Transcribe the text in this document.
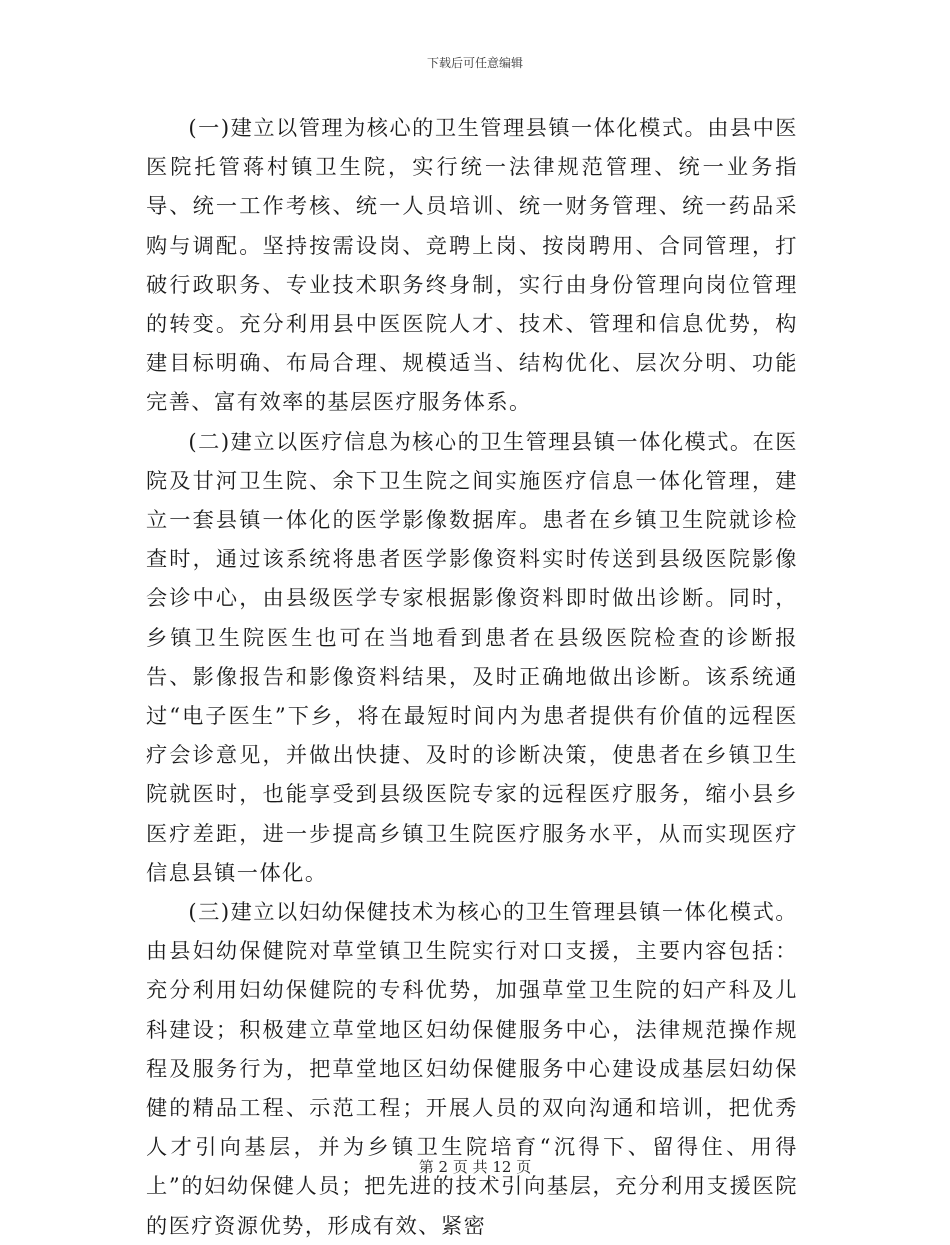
下载后可任意编辑

(一)建立以管理为核心的卫生管理县镇一体化模式。由县中医医院托管蒋村镇卫生院，实行统一法律规范管理、统一业务指导、统一工作考核、统一人员培训、统一财务管理、统一药品采购与调配。坚持按需设岗、竞聘上岗、按岗聘用、合同管理，打破行政职务、专业技术职务终身制，实行由身份管理向岗位管理的转变。充分利用县中医医院人才、技术、管理和信息优势，构建目标明确、布局合理、规模适当、结构优化、层次分明、功能完善、富有效率的基层医疗服务体系。

(二)建立以医疗信息为核心的卫生管理县镇一体化模式。在医院及甘河卫生院、余下卫生院之间实施医疗信息一体化管理，建立一套县镇一体化的医学影像数据库。患者在乡镇卫生院就诊检查时，通过该系统将患者医学影像资料实时传送到县级医院影像会诊中心，由县级医学专家根据影像资料即时做出诊断。同时，乡镇卫生院医生也可在当地看到患者在县级医院检查的诊断报告、影像报告和影像资料结果，及时正确地做出诊断。该系统通过“电子医生”下乡，将在最短时间内为患者提供有价值的远程医疗会诊意见，并做出快捷、及时的诊断决策，使患者在乡镇卫生院就医时，也能享受到县级医院专家的远程医疗服务，缩小县乡医疗差距，进一步提高乡镇卫生院医疗服务水平，从而实现医疗信息县镇一体化。

(三)建立以妇幼保健技术为核心的卫生管理县镇一体化模式。由县妇幼保健院对草堂镇卫生院实行对口支援，主要内容包括：充分利用妇幼保健院的专科优势，加强草堂卫生院的妇产科及儿科建设；积极建立草堂地区妇幼保健服务中心，法律规范操作规程及服务行为，把草堂地区妇幼保健服务中心建设成基层妇幼保健的精品工程、示范工程；开展人员的双向沟通和培训，把优秀人才引向基层，并为乡镇卫生院培育“沉得下、留得住、用得上”的妇幼保健人员；把先进的技术引向基层，充分利用支援医院的医疗资源优势，形成有效、紧密

第 2 页 共 12 页
